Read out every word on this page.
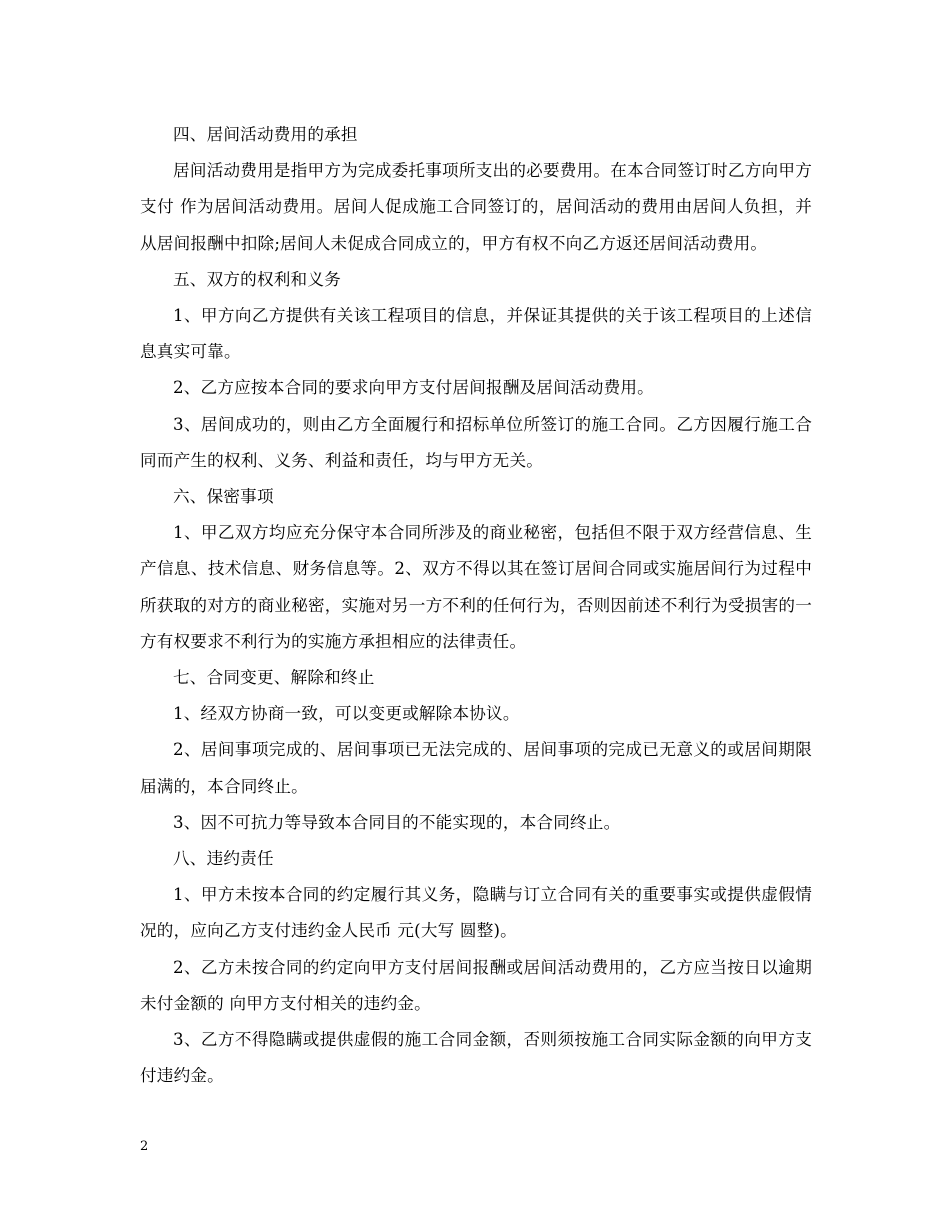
四、居间活动费用的承担

居间活动费用是指甲方为完成委托事项所支出的必要费用。在本合同签订时乙方向甲方支付 作为居间活动费用。居间人促成施工合同签订的，居间活动的费用由居间人负担，并从居间报酬中扣除;居间人未促成合同成立的，甲方有权不向乙方返还居间活动费用。

五、双方的权利和义务

1、甲方向乙方提供有关该工程项目的信息，并保证其提供的关于该工程项目的上述信息真实可靠。

2、乙方应按本合同的要求向甲方支付居间报酬及居间活动费用。

3、居间成功的，则由乙方全面履行和招标单位所签订的施工合同。乙方因履行施工合同而产生的权利、义务、利益和责任，均与甲方无关。

六、保密事项

1、甲乙双方均应充分保守本合同所涉及的商业秘密，包括但不限于双方经营信息、生产信息、技术信息、财务信息等。2、双方不得以其在签订居间合同或实施居间行为过程中所获取的对方的商业秘密，实施对另一方不利的任何行为，否则因前述不利行为受损害的一方有权要求不利行为的实施方承担相应的法律责任。

七、合同变更、解除和终止

1、经双方协商一致，可以变更或解除本协议。

2、居间事项完成的、居间事项已无法完成的、居间事项的完成已无意义的或居间期限届满的，本合同终止。

3、因不可抗力等导致本合同目的不能实现的，本合同终止。

八、违约责任

1、甲方未按本合同的约定履行其义务，隐瞒与订立合同有关的重要事实或提供虚假情况的，应向乙方支付违约金人民币 元(大写 圆整)。

2、乙方未按合同的约定向甲方支付居间报酬或居间活动费用的，乙方应当按日以逾期未付金额的 向甲方支付相关的违约金。

3、乙方不得隐瞒或提供虚假的施工合同金额，否则须按施工合同实际金额的向甲方支付违约金。

2
